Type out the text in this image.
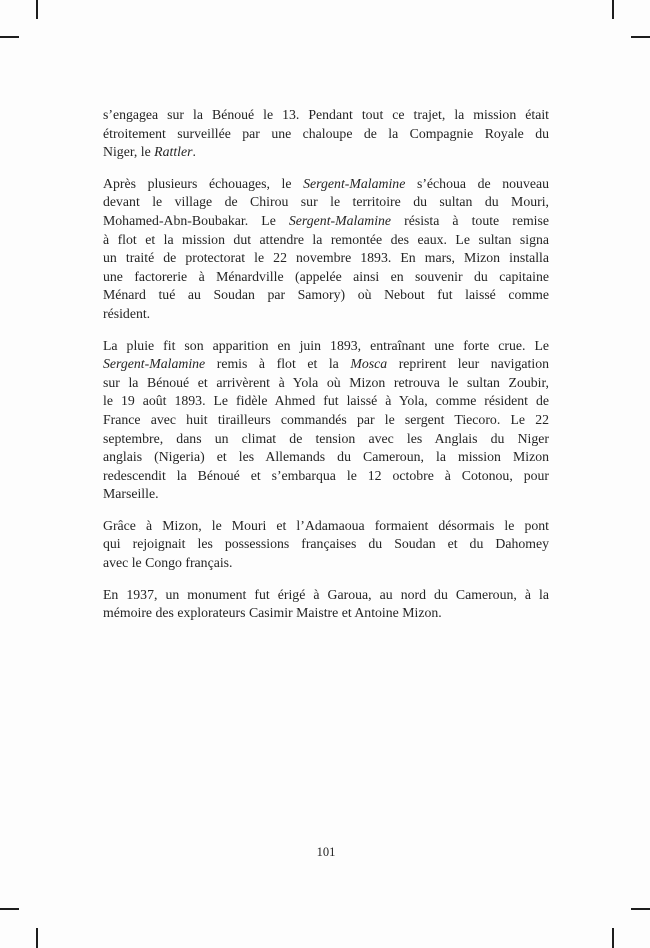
s’engagea sur la Bénoué le 13. Pendant tout ce trajet, la mission était
étroitement surveillée par une chaloupe de la Compagnie Royale du
Niger, le Rattler.
Après plusieurs échouages, le Sergent-Malamine s’échoua de nouveau
devant le village de Chirou sur le territoire du sultan du Mouri,
Mohamed-Abn-Boubakar. Le Sergent-Malamine résista à toute remise
à flot et la mission dut attendre la remontée des eaux. Le sultan signa
un traité de protectorat le 22 novembre 1893. En mars, Mizon installa
une factorerie à Ménardville (appelée ainsi en souvenir du capitaine
Ménard tué au Soudan par Samory) où Nebout fut laissé comme
résident.
La pluie fit son apparition en juin 1893, entraînant une forte crue. Le
Sergent-Malamine remis à flot et la Mosca reprirent leur navigation
sur la Bénoué et arrivèrent à Yola où Mizon retrouva le sultan Zoubir,
le 19 août 1893. Le fidèle Ahmed fut laissé à Yola, comme résident de
France avec huit tirailleurs commandés par le sergent Tiecoro. Le 22
septembre, dans un climat de tension avec les Anglais du Niger
anglais (Nigeria) et les Allemands du Cameroun, la mission Mizon
redescendit la Bénoué et s’embarqua le 12 octobre à Cotonou, pour
Marseille.
Grâce à Mizon, le Mouri et l’Adamaoua formaient désormais le pont
qui rejoignait les possessions françaises du Soudan et du Dahomey
avec le Congo français.
En 1937, un monument fut érigé à Garoua, au nord du Cameroun, à la
mémoire des explorateurs Casimir Maistre et Antoine Mizon.
101
